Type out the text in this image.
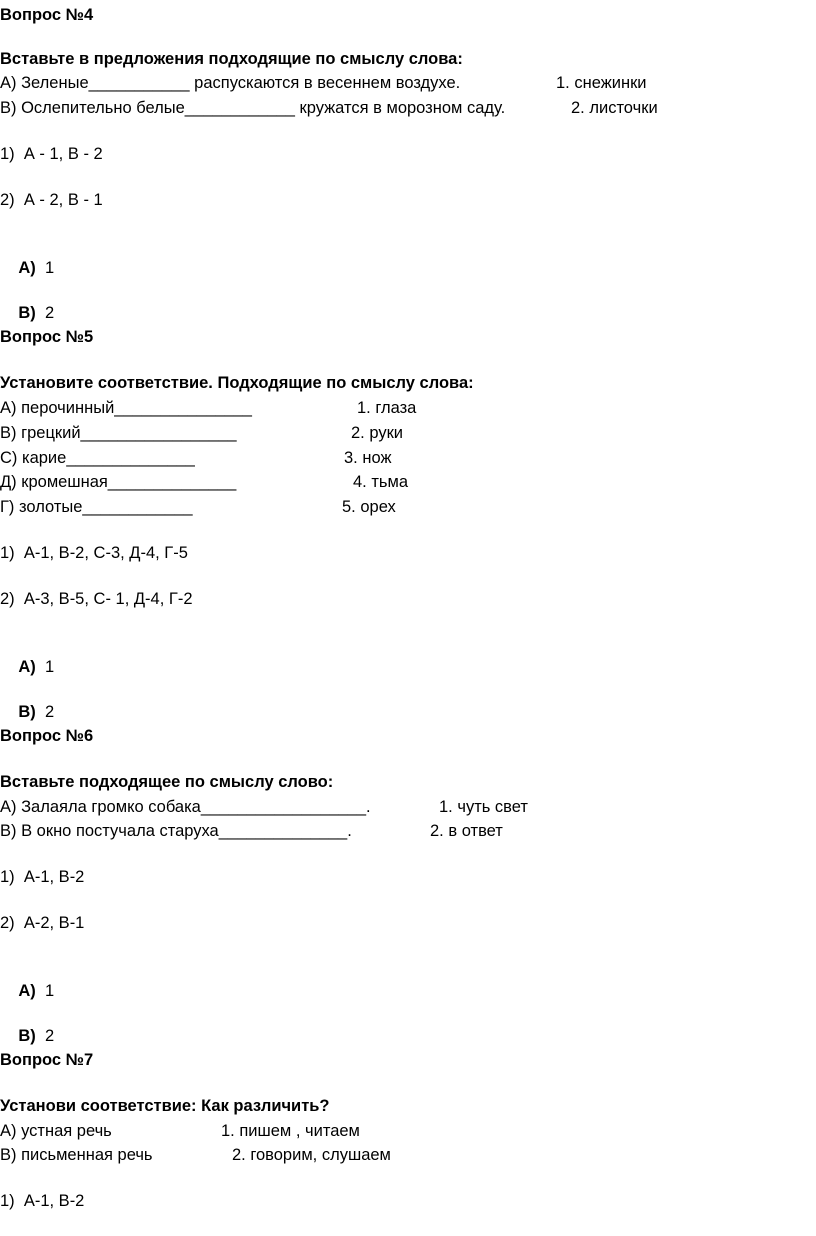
Вопрос №4
Вставьте в предложения подходящие по смыслу слова:
А) Зеленые___________ распускаются в весеннем воздухе.	1. снежинки
В) Ослепительно белые____________ кружатся в морозном саду.	2. листочки
1)  А - 1, В - 2
2)  А - 2, В - 1

А) 1

В) 2

Вопрос №5
Установите соответствие. Подходящие по смыслу слова:
А) перочинный_______________	1. глаза
В) грецкий_________________	2. руки
С) карие______________	3. нож
Д) кромешная______________	4. тьма
Г) золотые____________	5. орех
1)  А-1, В-2, С-3, Д-4, Г-5
2)  А-3, В-5, С- 1, Д-4, Г-2

А) 1

В) 2

Вопрос №6
Вставьте подходящее по смыслу слово:
А) Залаяла громко собака__________________.	1. чуть свет
В) В окно постучала старуха______________.	2. в ответ
1)  А-1, В-2
2)  А-2, В-1

А) 1

В) 2

Вопрос №7
Установи соответствие: Как различить?
А) устная речь	1. пишем , читаем
В) письменная речь	2. говорим, слушаем
1)  А-1, В-2
